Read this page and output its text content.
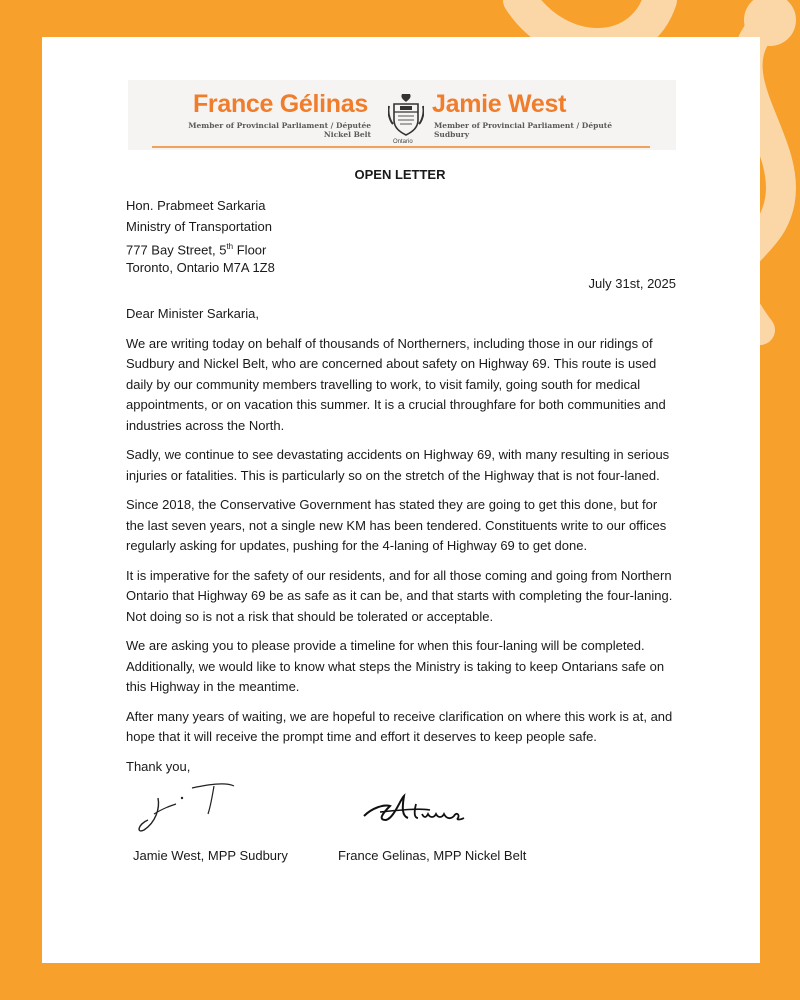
France Gélinas
Member of Provincial Parliament / Députée
Nickel Belt
Ontario
Jamie West
Member of Provincial Parliament / Député
Sudbury
OPEN LETTER
Hon. Prabmeet Sarkaria
Ministry of Transportation
777 Bay Street, 5th Floor
Toronto, Ontario M7A 1Z8
July 31st, 2025

Dear Minister Sarkaria,

We are writing today on behalf of thousands of Northerners, including those in our ridings of Sudbury and Nickel Belt, who are concerned about safety on Highway 69. This route is used daily by our community members travelling to work, to visit family, going south for medical appointments, or on vacation this summer. It is a crucial throughfare for both communities and industries across the North.

Sadly, we continue to see devastating accidents on Highway 69, with many resulting in serious injuries or fatalities. This is particularly so on the stretch of the Highway that is not four-laned.

Since 2018, the Conservative Government has stated they are going to get this done, but for the last seven years, not a single new KM has been tendered. Constituents write to our offices regularly asking for updates, pushing for the 4-laning of Highway 69 to get done.

It is imperative for the safety of our residents, and for all those coming and going from Northern Ontario that Highway 69 be as safe as it can be, and that starts with completing the four-laning. Not doing so is not a risk that should be tolerated or acceptable.

We are asking you to please provide a timeline for when this four-laning will be completed. Additionally, we would like to know what steps the Ministry is taking to keep Ontarians safe on this Highway in the meantime.

After many years of waiting, we are hopeful to receive clarification on where this work is at, and hope that it will receive the prompt time and effort it deserves to keep people safe.

Thank you,

Jamie West, MPP Sudbury	France Gelinas, MPP Nickel Belt
